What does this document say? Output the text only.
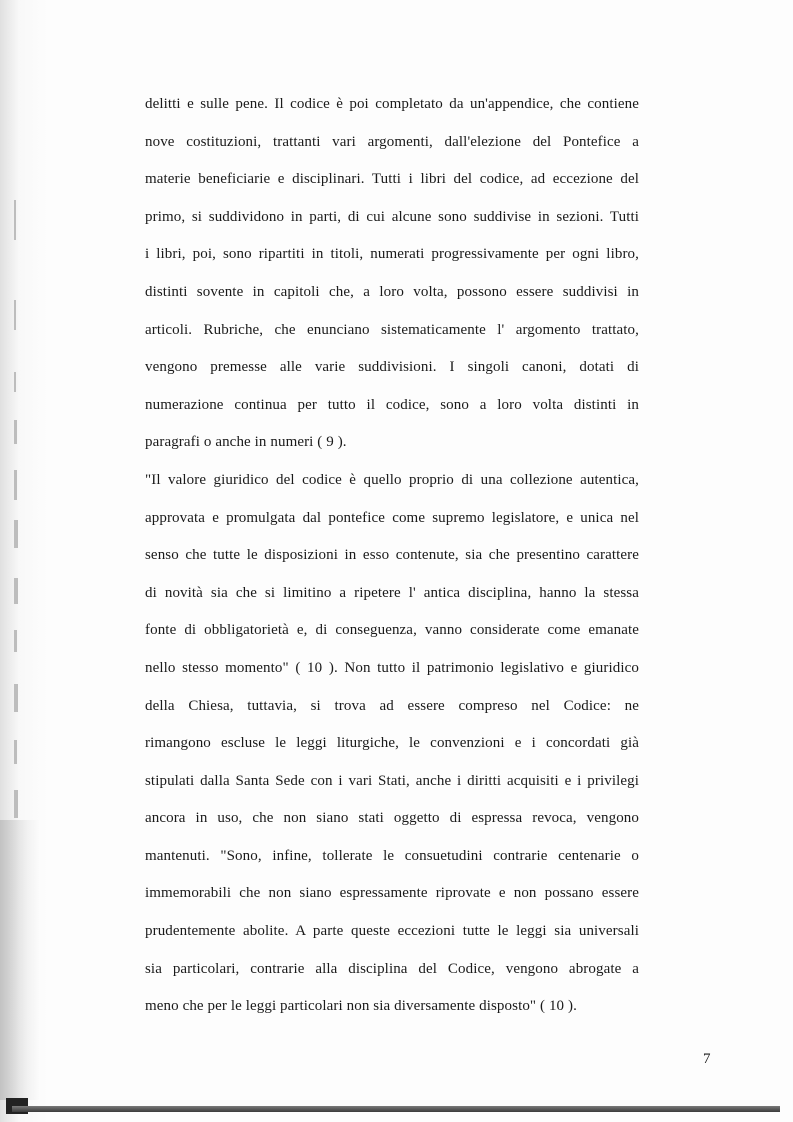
delitti e sulle pene. Il codice è poi completato da un'appendice, che contiene
nove costituzioni, trattanti vari argomenti, dall'elezione del Pontefice a
materie beneficiarie e disciplinari. Tutti i libri del codice, ad eccezione del
primo, si suddividono in parti, di cui alcune sono suddivise in sezioni. Tutti
i libri, poi, sono ripartiti in titoli, numerati progressivamente per ogni libro,
distinti sovente in capitoli che, a loro volta, possono essere suddivisi in
articoli. Rubriche, che enunciano sistematicamente l' argomento trattato,
vengono premesse alle varie suddivisioni. I singoli canoni, dotati di
numerazione continua per tutto il codice, sono a loro volta distinti in
paragrafi o anche in numeri ( 9 ).
"Il valore giuridico del codice è quello proprio di una collezione autentica,
approvata e promulgata dal pontefice come supremo legislatore, e unica nel
senso che tutte le disposizioni in esso contenute, sia che presentino carattere
di novità sia che si limitino a ripetere l' antica disciplina, hanno la stessa
fonte di obbligatorietà e, di conseguenza, vanno considerate come emanate
nello stesso momento" ( 10 ). Non tutto il patrimonio legislativo e giuridico
della Chiesa, tuttavia, si trova ad essere compreso nel Codice: ne
rimangono escluse le leggi liturgiche, le convenzioni e i concordati già
stipulati dalla Santa Sede con i vari Stati, anche i diritti acquisiti e i privilegi
ancora in uso, che non siano stati oggetto di espressa revoca, vengono
mantenuti. "Sono, infine, tollerate le consuetudini contrarie centenarie o
immemorabili che non siano espressamente riprovate e non possano essere
prudentemente abolite. A parte queste eccezioni tutte le leggi sia universali
sia particolari, contrarie alla disciplina del Codice, vengono abrogate a
meno che per le leggi particolari non sia diversamente disposto" ( 10 ).
7
